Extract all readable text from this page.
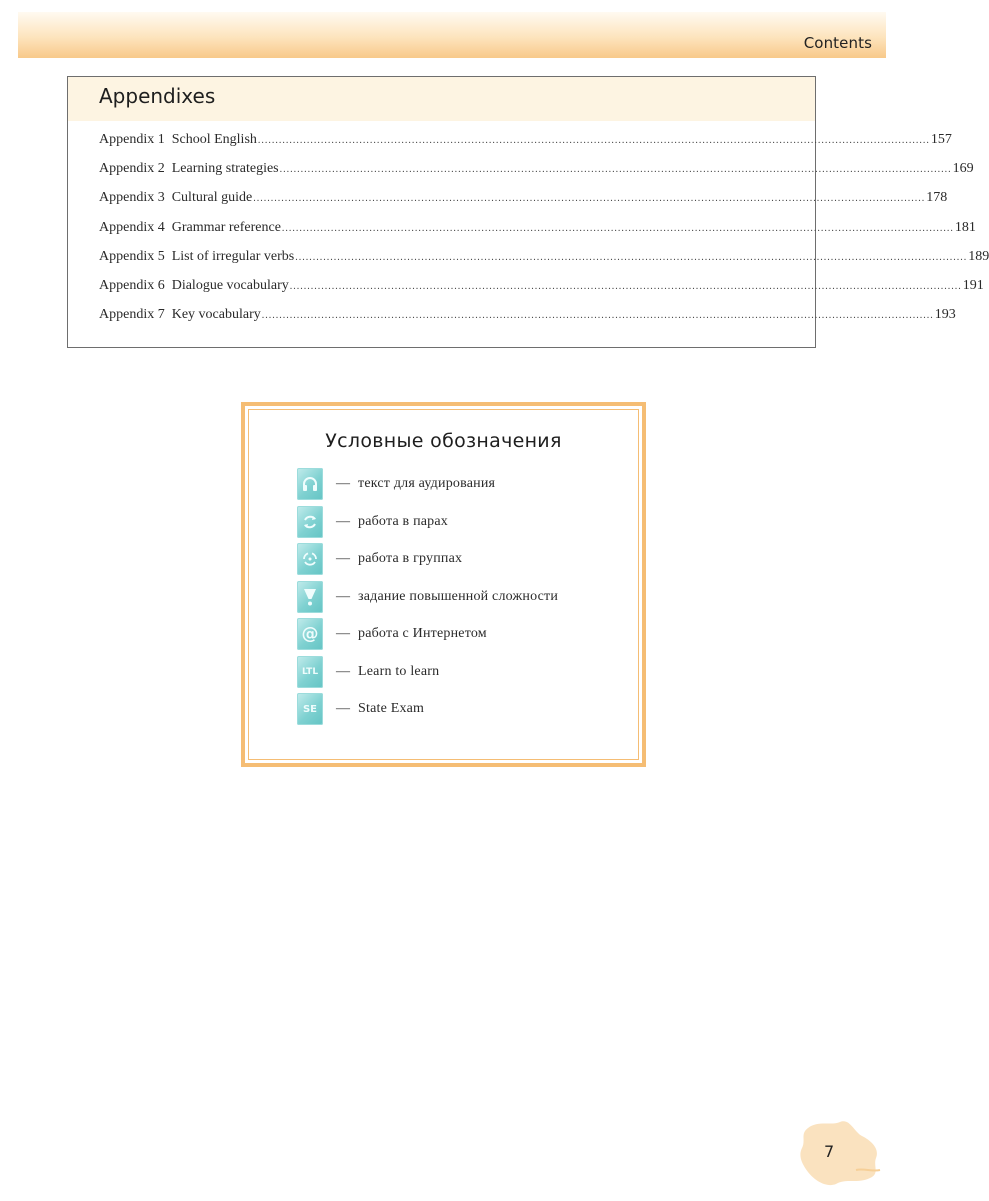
Contents
Appendixes
Appendix 1 School English ................................................................................................................................................................................................ 157
Appendix 2 Learning strategies ................................................................................................................................................................................................ 169
Appendix 3 Cultural guide ................................................................................................................................................................................................ 178
Appendix 4 Grammar reference ................................................................................................................................................................................................ 181
Appendix 5 List of irregular verbs ................................................................................................................................................................................................ 189
Appendix 6 Dialogue vocabulary ................................................................................................................................................................................................ 191
Appendix 7 Key vocabulary ................................................................................................................................................................................................ 193
Условные обозначения
— текст для аудирования
— работа в парах
— работа в группах
— задание повышенной сложности
@	— работа с Интернетом
LTL	— Learn to learn
SE	— State Exam
7
